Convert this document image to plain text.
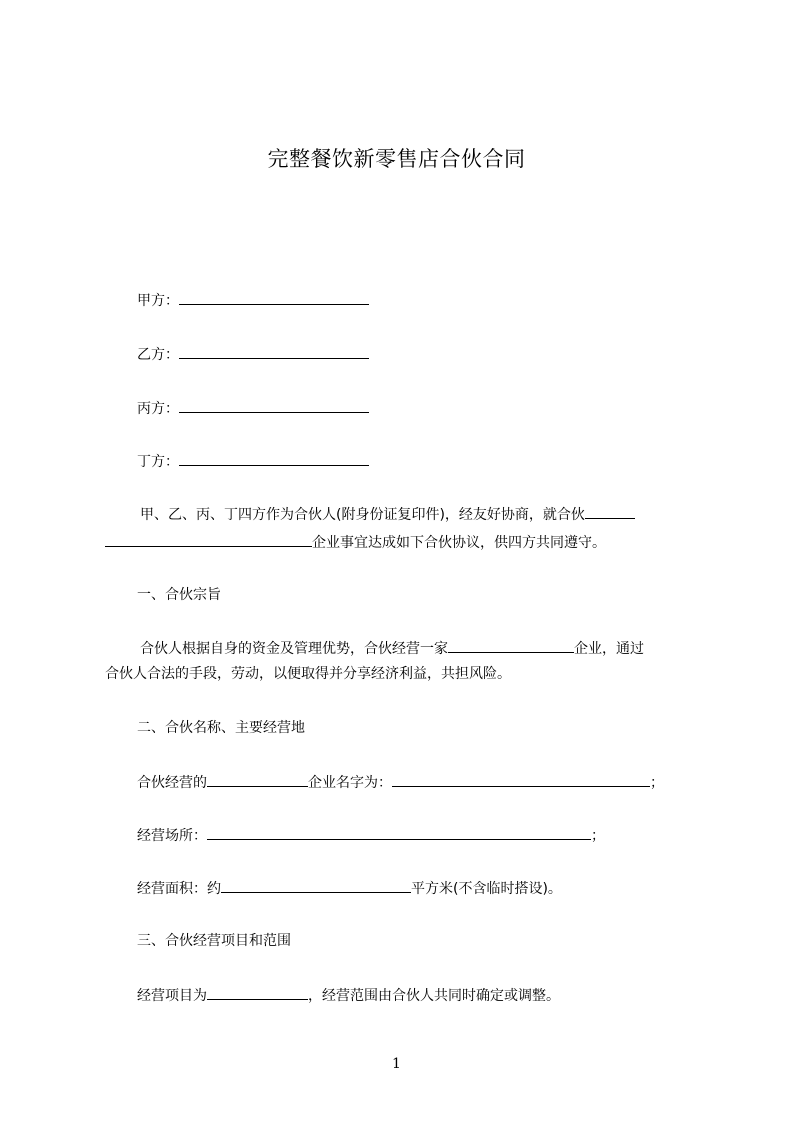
完整餐饮新零售店合伙合同
甲方：
乙方：
丙方：
丁方：
甲、乙、丙、丁四方作为合伙人(附身份证复印件)，经友好协商，就合伙
企业事宜达成如下合伙协议，供四方共同遵守。
一、合伙宗旨
合伙人根据自身的资金及管理优势，合伙经营一家	企业，通过
合伙人合法的手段，劳动，以便取得并分享经济利益，共担风险。
二、合伙名称、主要经营地
合伙经营的	企业名字为：	；
经营场所：	；
经营面积：约	平方米(不含临时搭设)。
三、合伙经营项目和范围
经营项目为	，经营范围由合伙人共同时确定或调整。
1
